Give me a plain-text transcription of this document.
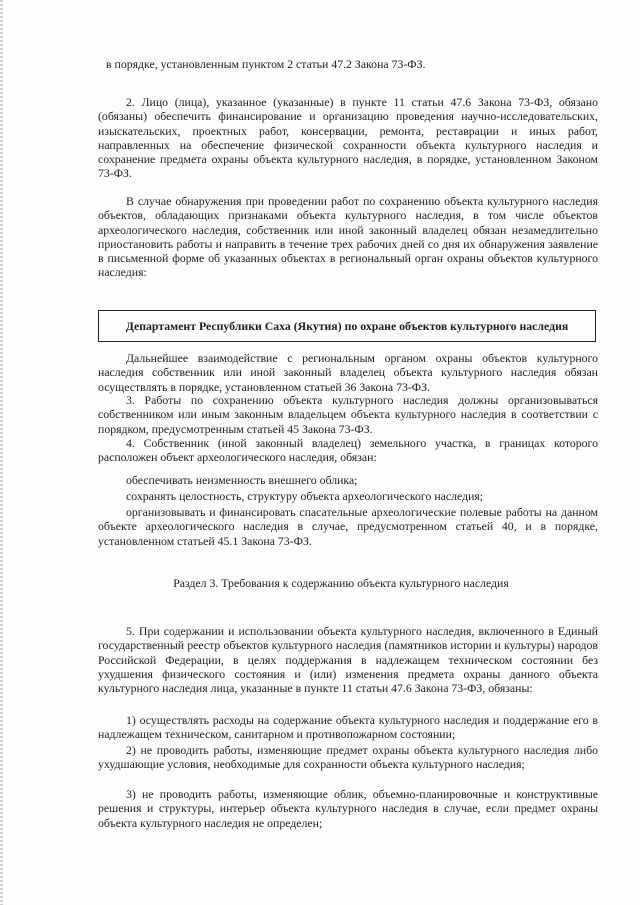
в порядке, установленным пунктом 2 статьи 47.2 Закона 73-ФЗ.

2. Лицо (лица), указанное (указанные) в пункте 11 статьи 47.6 Закона 73-ФЗ, обязано (обязаны) обеспечить финансирование и организацию проведения научно-исследовательских, изыскательских, проектных работ, консервации, ремонта, реставрации и иных работ, направленных на обеспечение физической сохранности объекта культурного наследия и сохранение предмета охраны объекта культурного наследия, в порядке, установленном Законом 73-ФЗ.

В случае обнаружения при проведении работ по сохранению объекта культурного наследия объектов, обладающих признаками объекта культурного наследия, в том числе объектов археологического наследия, собственник или иной законный владелец обязан незамедлительно приостановить работы и направить в течение трех рабочих дней со дня их обнаружения заявление в письменной форме об указанных объектах в региональный орган охраны объектов культурного наследия:

Департамент Республики Саха (Якутия) по охране объектов культурного наследия

Дальнейшее взаимодействие с региональным органом охраны объектов культурного наследия собственник или иной законный владелец объекта культурного наследия обязан осуществлять в порядке, установленном статьей 36 Закона 73-ФЗ.

3. Работы по сохранению объекта культурного наследия должны организовываться собственником или иным законным владельцем объекта культурного наследия в соответствии с порядком, предусмотренным статьей 45 Закона 73-ФЗ.

4. Собственник (иной законный владелец) земельного участка, в границах которого расположен объект археологического наследия, обязан:

обеспечивать неизменность внешнего облика;

сохранять целостность, структуру объекта археологического наследия;

организовывать и финансировать спасательные археологические полевые работы на данном объекте археологического наследия в случае, предусмотренном статьей 40, и в порядке, установленном статьей 45.1 Закона 73-ФЗ.

Раздел 3. Требования к содержанию объекта культурного наследия

5. При содержании и использовании объекта культурного наследия, включенного в Единый государственный реестр объектов культурного наследия (памятников истории и культуры) народов Российской Федерации, в целях поддержания в надлежащем техническом состоянии без ухудшения физического состояния и (или) изменения предмета охраны данного объекта культурного наследия лица, указанные в пункте 11 статьи 47.6 Закона 73-ФЗ, обязаны:

1) осуществлять расходы на содержание объекта культурного наследия и поддержание его в надлежащем техническом, санитарном и противопожарном состоянии;

2) не проводить работы, изменяющие предмет охраны объекта культурного наследия либо ухудшающие условия, необходимые для сохранности объекта культурного наследия;

3) не проводить работы, изменяющие облик, объемно-планировочные и конструктивные решения и структуры, интерьер объекта культурного наследия в случае, если предмет охраны объекта культурного наследия не определен;
